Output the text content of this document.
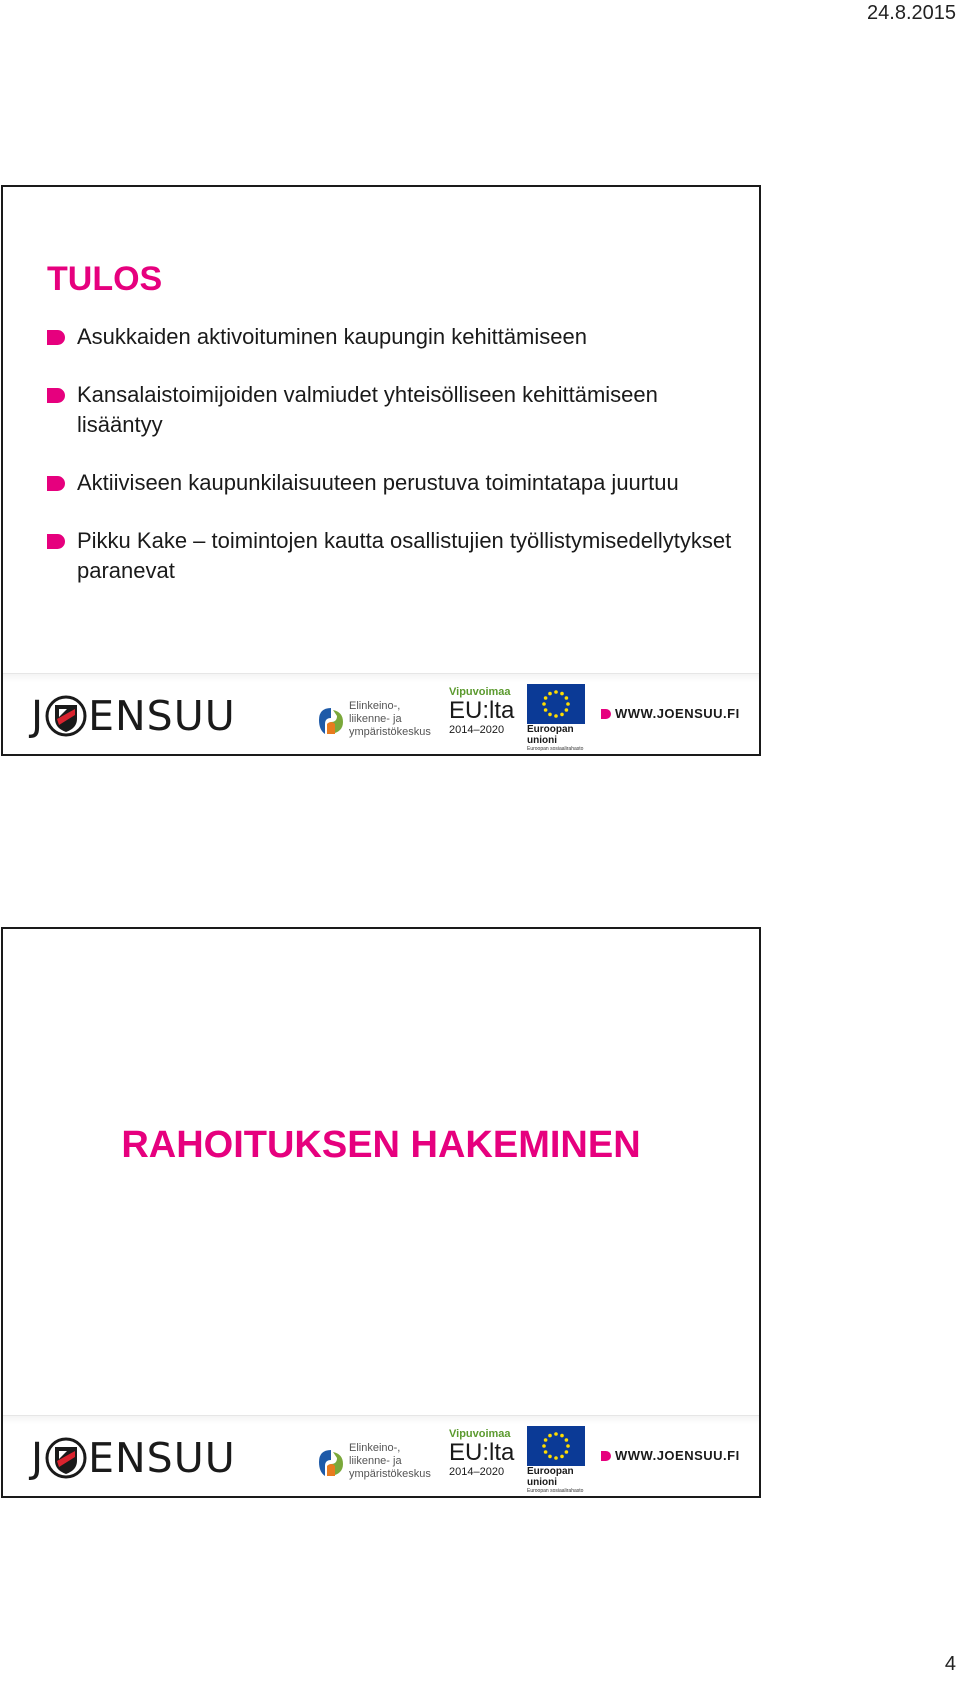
24.8.2015
TULOS
Asukkaiden aktivoituminen kaupungin kehittämiseen
Kansalaistoimijoiden valmiudet yhteisölliseen kehittämiseen lisääntyy
Aktiiviseen kaupunkilaisuuteen perustuva toimintatapa juurtuu
Pikku Kake – toimintojen kautta osallistujien työllistymisedellytykset paranevat
J ENSUU	Elinkeino-, liikenne- ja ympäristökeskus
Vipuvoimaa
EU:lta
2014–2020	Euroopan unioni
Euroopan sosiaalirahasto
WWW.JOENSUU.FI
RAHOITUKSEN HAKEMINEN
J ENSUU	Elinkeino-, liikenne- ja ympäristökeskus
Vipuvoimaa
EU:lta
2014–2020	Euroopan unioni
Euroopan sosiaalirahasto
WWW.JOENSUU.FI
4
